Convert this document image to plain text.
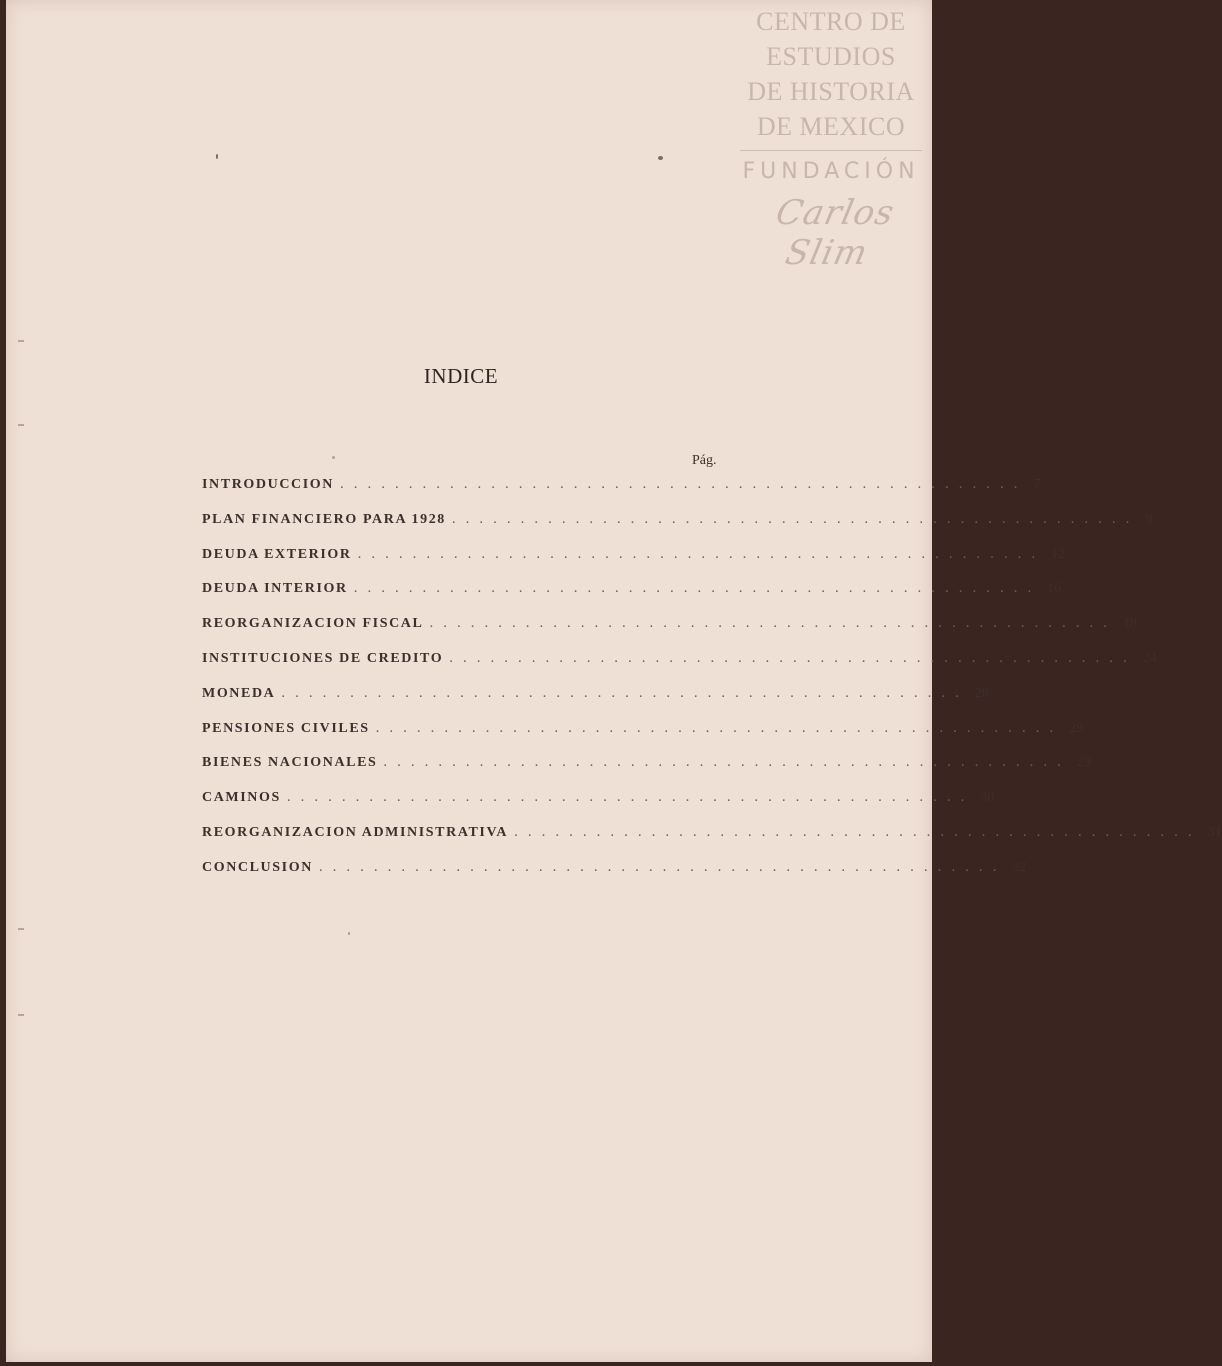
CENTRO DE
ESTUDIOS
DE HISTORIA
DE MEXICO
FUNDACIÓN
Carlos Slim
INDICE
Pág.
INTRODUCCION .................................................. 7
PLAN FINANCIERO PARA 1928 .................................................. 9
DEUDA EXTERIOR .................................................. 12
DEUDA INTERIOR .................................................. 16
REORGANIZACION FISCAL .................................................. 18
INSTITUCIONES DE CREDITO .................................................. 24
MONEDA .................................................. 28
PENSIONES CIVILES .................................................. 29
BIENES NACIONALES .................................................. 29
CAMINOS .................................................. 30
REORGANIZACION ADMINISTRATIVA .................................................. 31
CONCLUSION .................................................. 32
